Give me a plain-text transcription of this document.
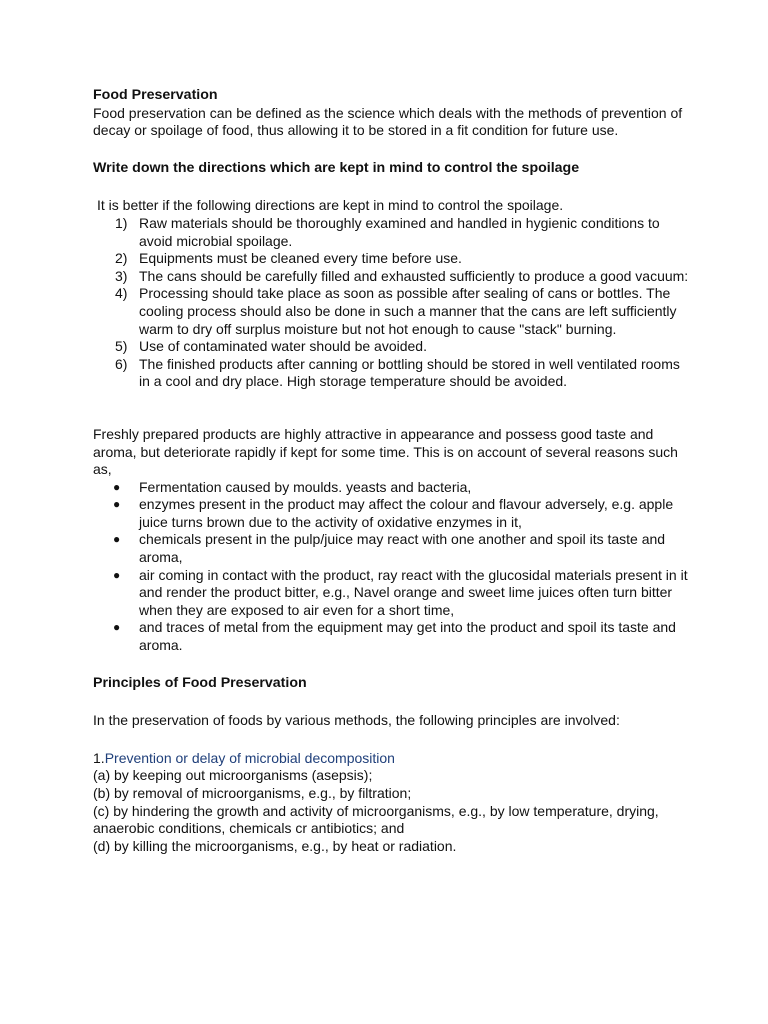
Food Preservation

Food preservation can be defined as the science which deals with the methods of prevention of decay or spoilage of food, thus allowing it to be stored in a fit condition for future use.

Write down the directions which are kept in mind to control the spoilage

It is better if the following directions are kept in mind to control the spoilage.

1) Raw materials should be thoroughly examined and handled in hygienic conditions to avoid microbial spoilage.
2) Equipments must be cleaned every time before use.
3) The cans should be carefully filled and exhausted sufficiently to produce a good vacuum:
4) Processing should take place as soon as possible after sealing of cans or bottles. The cooling process should also be done in such a manner that the cans are left sufficiently warm to dry off surplus moisture but not hot enough to cause "stack" burning.
5) Use of contaminated water should be avoided.
6) The finished products after canning or bottling should be stored in well ventilated rooms in a cool and dry place. High storage temperature should be avoided.

Freshly prepared products are highly attractive in appearance and possess good taste and aroma, but deteriorate rapidly if kept for some time. This is on account of several reasons such as,

● Fermentation caused by moulds. yeasts and bacteria,
● enzymes present in the product may affect the colour and flavour adversely, e.g. apple juice turns brown due to the activity of oxidative enzymes in it,
● chemicals present in the pulp/juice may react with one another and spoil its taste and aroma,
● air coming in contact with the product, ray react with the glucosidal materials present in it and render the product bitter, e.g., Navel orange and sweet lime juices often turn bitter when they are exposed to air even for a short time,
● and traces of metal from the equipment may get into the product and spoil its taste and aroma.

Principles of Food Preservation

In the preservation of foods by various methods, the following principles are involved:

1.Prevention or delay of microbial decomposition

(a) by keeping out microorganisms (asepsis);

(b) by removal of microorganisms, e.g., by filtration;

(c) by hindering the growth and activity of microorganisms, e.g., by low temperature, drying, anaerobic conditions, chemicals cr antibiotics; and

(d) by killing the microorganisms, e.g., by heat or radiation.
